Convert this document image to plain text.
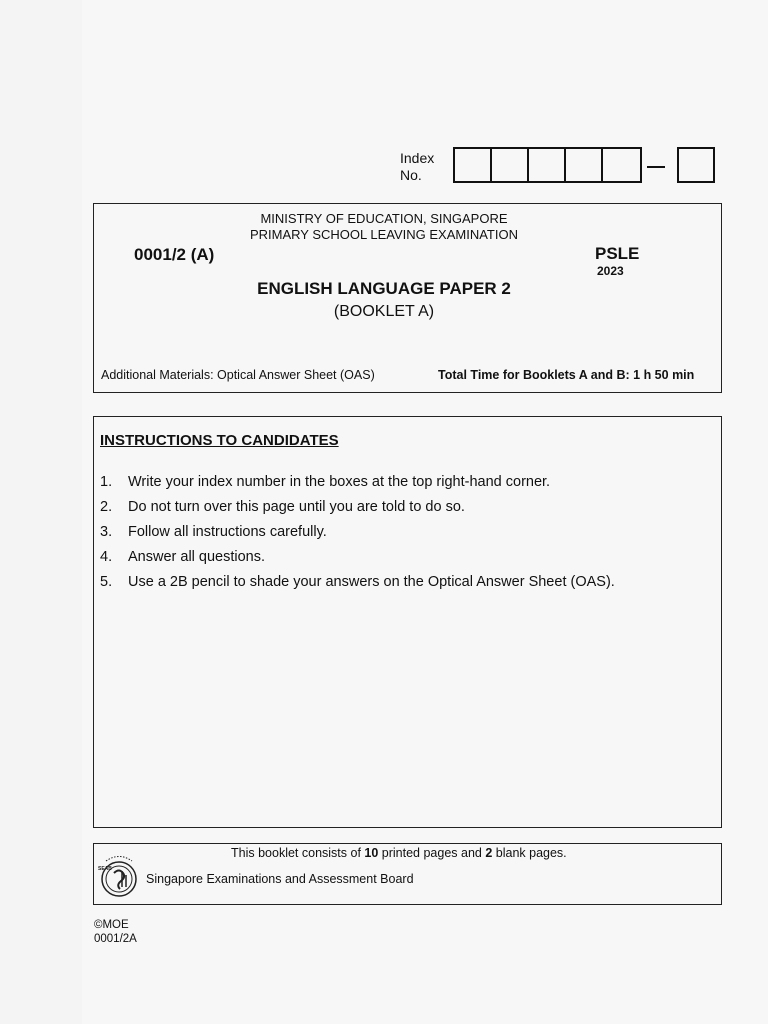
Index
No.
MINISTRY OF EDUCATION, SINGAPORE
PRIMARY SCHOOL LEAVING EXAMINATION
0001/2 (A)	PSLE
2023
ENGLISH LANGUAGE PAPER 2
(BOOKLET A)
Additional Materials: Optical Answer Sheet (OAS)	Total Time for Booklets A and B: 1 h 50 min
INSTRUCTIONS TO CANDIDATES
1.	Write your index number in the boxes at the top right-hand corner.
2.	Do not turn over this page until you are told to do so.
3.	Follow all instructions carefully.
4.	Answer all questions.
5.	Use a 2B pencil to shade your answers on the Optical Answer Sheet (OAS).
This booklet consists of 10 printed pages and 2 blank pages.
SEAB
Singapore Examinations and Assessment Board
©MOE
0001/2A
